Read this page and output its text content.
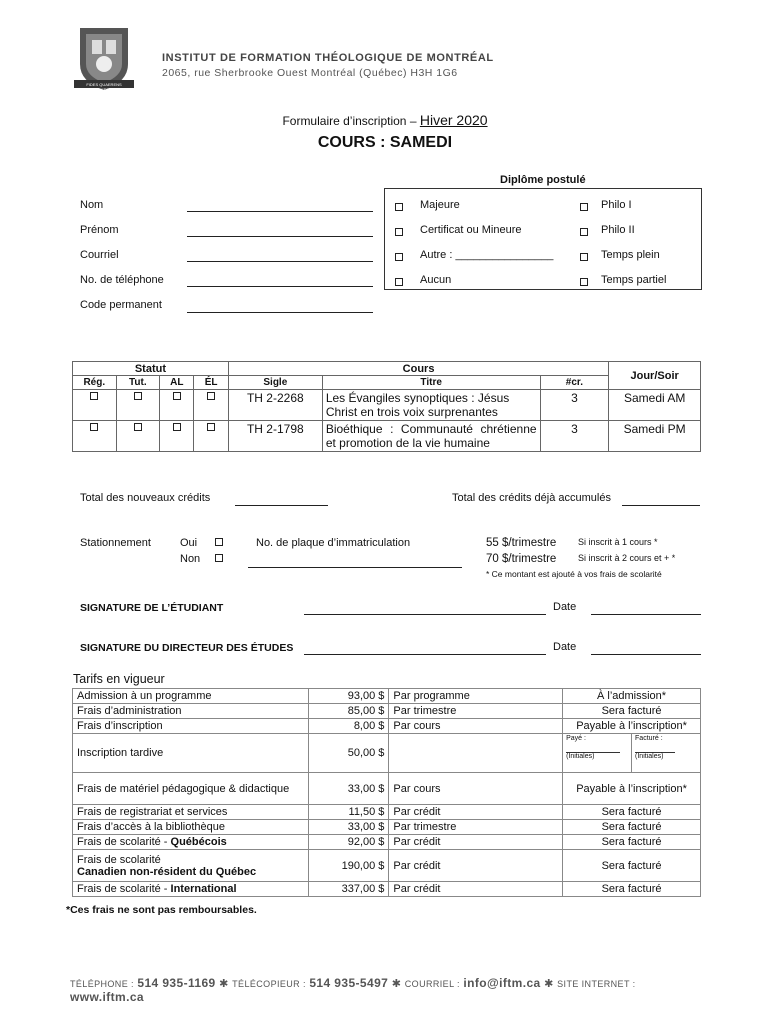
FIDES QUAERENS INTELLECTUM
INSTITUT DE FORMATION THÉOLOGIQUE DE MONTRÉAL
2065, rue Sherbrooke Ouest Montréal (Québec) H3H 1G6
Formulaire d’inscription – Hiver 2020
COURS : SAMEDI
Nom
Prénom
Courriel
No. de téléphone
Code permanent
Diplôme postulé
Majeure
Certificat ou Mineure
Autre : ________________
Aucun
Philo I
Philo II
Temps plein
Temps partiel
Statut				Cours			Jour/Soir
Rég.	Tut.	AL	ÉL	Sigle	Titre	#cr.	
				TH 2-2268	Les Évangiles synoptiques : Jésus Christ en trois voix surprenantes	3	Samedi AM
				TH 2-1798	Bioéthique : Communauté chrétienne et promotion de la vie humaine	3	Samedi PM
Total des nouveaux crédits	Total des crédits déjà accumulés
Stationnement	Oui
Non
No. de plaque d’immatriculation	55 $/trimestre Si inscrit à 1 cours *
70 $/trimestre Si inscrit à 2 cours et + *
* Ce montant est ajouté à vos frais de scolarité
SIGNATURE DE L’ÉTUDIANT	Date
SIGNATURE DU DIRECTEUR DES ÉTUDES	Date
Tarifs en vigueur
Admission à un programme	93,00 $	Par programme	À l’admission*
Frais d’administration	85,00 $	Par trimestre	Sera facturé
Frais d’inscription	8,00 $	Par cours	Payable à l’inscription*
Inscription tardive	50,00 $		Payé :
(Initiales)
Facturé :
(Initiales)

Frais de matériel pédagogique & didactique	33,00 $	Par cours	Payable à l’inscription*
Frais de registrariat et services	11,50 $	Par crédit	Sera facturé
Frais d’accès à la bibliothèque	33,00 $	Par trimestre	Sera facturé
Frais de scolarité - Québécois	92,00 $	Par crédit	Sera facturé

Frais de scolarité
Canadien non-résident du Québec	190,00 $	Par crédit	Sera facturé
Frais de scolarité - International	337,00 $	Par crédit	Sera facturé
*Ces frais ne sont pas remboursables.
TÉLÉPHONE : 514 935-1169 ✱ TÉLÉCOPIEUR : 514 935-5497 ✱ COURRIEL : info@iftm.ca ✱ SITE INTERNET : www.iftm.ca
